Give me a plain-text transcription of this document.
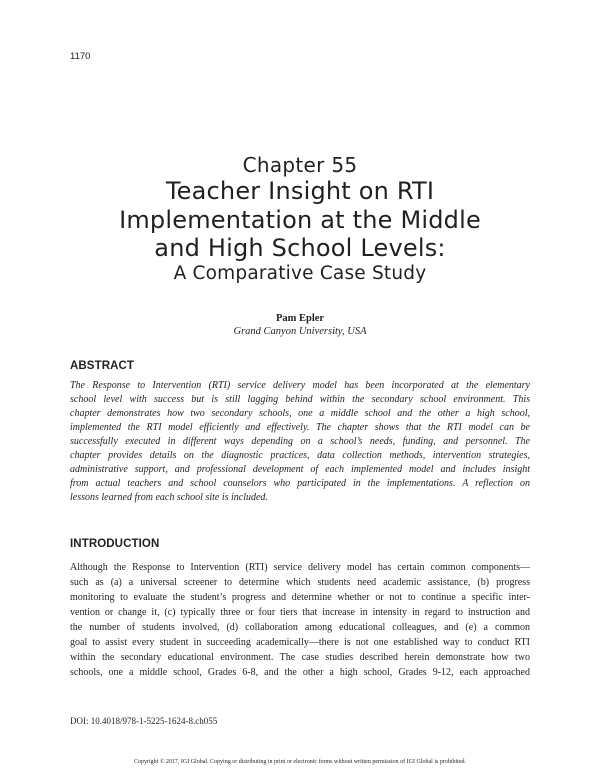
1170
Chapter 55
Teacher Insight on RTI
Implementation at the Middle
and High School Levels:
A Comparative Case Study
Pam Epler
Grand Canyon University, USA
ABSTRACT
The Response to Intervention (RTI) service delivery model has been incorporated at the elementary
school level with success but is still lagging behind within the secondary school environment. This
chapter demonstrates how two secondary schools, one a middle school and the other a high school,
implemented the RTI model efficiently and effectively. The chapter shows that the RTI model can be
successfully executed in different ways depending on a school’s needs, funding, and personnel. The
chapter provides details on the diagnostic practices, data collection methods, intervention strategies,
administrative support, and professional development of each implemented model and includes insight
from actual teachers and school counselors who participated in the implementations. A reflection on
lessons learned from each school site is included.
INTRODUCTION
Although the Response to Intervention (RTI) service delivery model has certain common components—
such as (a) a universal screener to determine which students need academic assistance, (b) progress
monitoring to evaluate the student’s progress and determine whether or not to continue a specific inter-
vention or change it, (c) typically three or four tiers that increase in intensity in regard to instruction and
the number of students involved, (d) collaboration among educational colleagues, and (e) a common
goal to assist every student in succeeding academically—there is not one established way to conduct RTI
within the secondary educational environment. The case studies described herein demonstrate how two
schools, one a middle school, Grades 6-8, and the other a high school, Grades 9-12, each approached
DOI: 10.4018/978-1-5225-1624-8.ch055
Copyright © 2017, IGI Global. Copying or distributing in print or electronic forms without written permission of IGI Global is prohibited.
